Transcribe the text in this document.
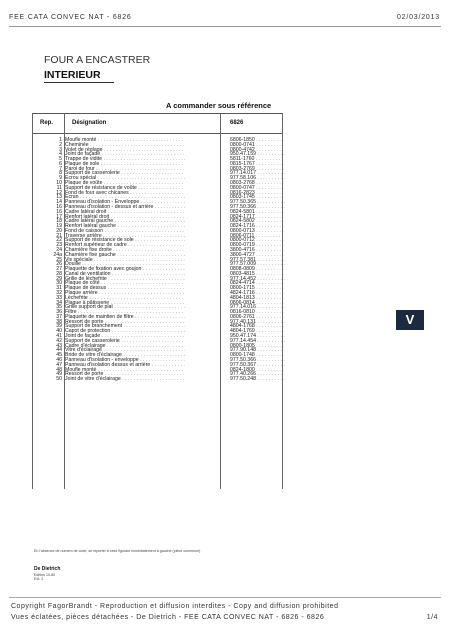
FEE CATA CONVEC NAT - 6826	02/03/2013
FOUR A ENCASTRER
INTERIEUR
A commander sous référence
Rep.	Désignation	6826
1 Moufle monté . . .	6806-1850 . . .
2 Cheminée . . .	0800-0741 . . .
3 Volet de réglage . . .	0800-4742 . . .
4 Joint de façade . . .	950.47.159 . . .
5 Trappe de vidite . . .	5811-1760 . . .
6 Plaque de sole . . .	0815-1767 . . .
7 Paroi de four . . .	0803-2769 . . .
8 Support de casserolerie . . .	977.14.017 . . .
9 Ecrou spécial . . .	977.58.106 . . .
10 Plaque de voûte . . .	0803-2768 . . .
11 Support de résistance de voûte . . .	0800-0747 . . .
12 Fond de four avec chicanes . . .	0816-2823 . . .
13 Ecran . . .	0803-1745 . . .
14 Panneau d'isolation - Enveloppe . . .	977.50.365 . . .
16 Panneau d'isolation - dessus et arrière . . .	977.50.366 . . .
16 Cadre latéral droit . . .	0824-5801 . . .
17 Renfort latéral droit . . .	0824-1717 . . .
18 Cadre latéral gauche . . .	0824-5802 . . .
19 Renfort latéral gauche . . .	0824-1716 . . .
20 Fond de caisson . . .	0800-0713 . . .
21 Traverse arrière . . .	0806-0711 . . .
22 Support de résistance de sole . . .	0800-0712 . . .
23 Renfort supérieur de cadre . . .	0800-0719 . . .
24 Charnière fixe droite . . .	3800-4716 . . .
24a Charnière fixe gauche . . .	3800-4727 . . .
25 Vis spéciale . . .	977.57.381 . . .
26 Douille . . .	977.57.009 . . .
27 Plaquette de fixation avec goujon . . .	0808-0809 . . .
28 Canal de ventilation . . .	0803-4815 . . .
29 Grille de lèchefrite . . .	977.14.452 . . .
30 Plaque de côté . . .	0824-4714 . . .
31 Plaque de dessus . . .	0800-1715 . . .
32 Plaque arrière . . .	4824-1716 . . .
33 Lèchefrite . . .	4804-1813 . . .
34 Plaque à pâtisserie . . .	0806-0814 . . .
35 Grille support de plat . . .	977.14.016 . . .
36 Filtre . . .	0816-0810 . . .
37 Plaquette de maintien de filtre . . .	0806-2761 . . .
38 Ressort de porte . . .	977.40.131 . . .
39 Support de branchement . . .	4804-1768 . . .
40 Capot de protection . . .	4804-1769 . . .
41 Joint de façade . . .	950.47.174 . . .
42 Support de casserolerie . . .	977.14.454 . . .
43 Cadre d'éclairage . . .	0800-1805 . . .
44 Vitre d'éclairage . . .	977.90.148 . . .
45 Bride de vitre d'éclairage . . .	0800-1748 . . .
46 Panneau d'isolation - enveloppe . . .	977.50.366 . . .
47 Panneau d'isolation dessus et arrière . . .	977.50.367 . . .
48 Moufle monté . . .	0824-1800 . . .
49 Ressort de porte . . .	977.40.266 . . .
50 Joint de vitre d'éclairage . . .	977.50.248 . . .
En l'absence de numéro de code, se reporter à celui figurant immédiatement à gauche (pièce commune)
De Dietrich
Edition 10-80
Ext. 2
V
Copyright FagorBrandt - Reproduction et diffusion interdites - Copy and diffusion prohibited
Vues éclatées, pièces détachées - De Dietrich - FEE CATA CONVEC NAT - 6826 - 6826	1/4
